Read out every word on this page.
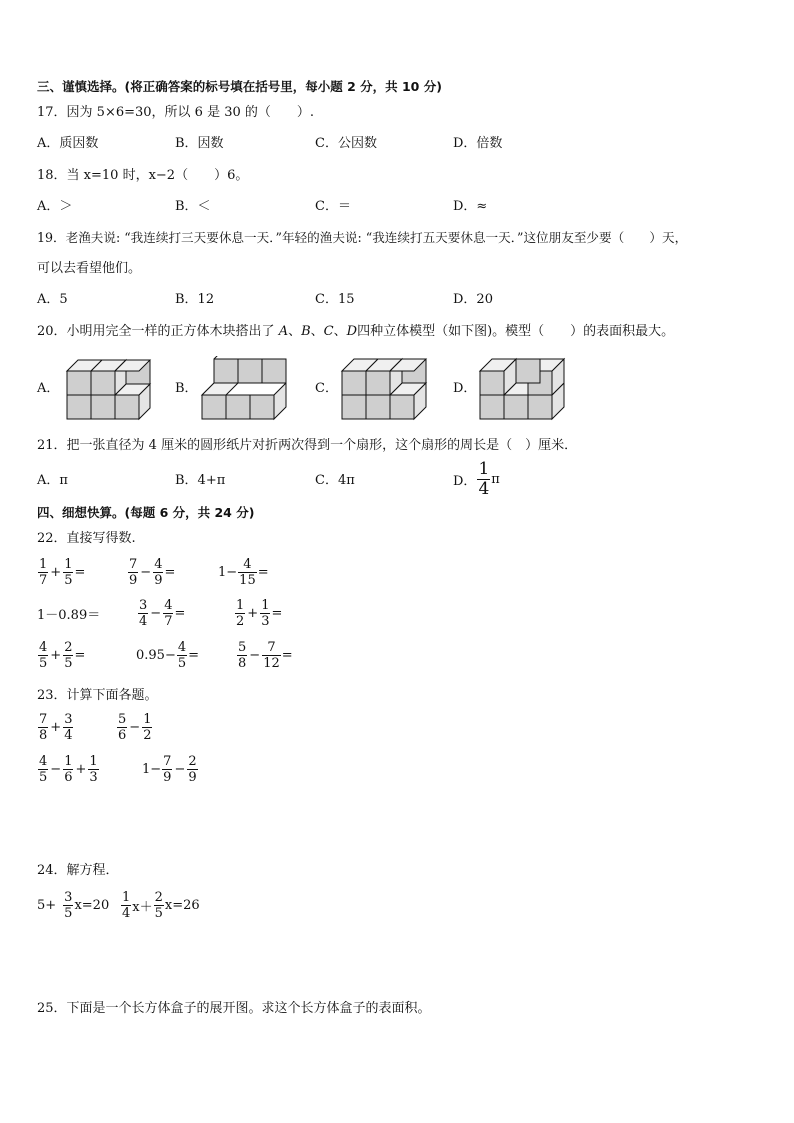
三、谨慎选择。(将正确答案的标号填在括号里，每小题 2 分，共 10 分)
17．因为 5×6=30，所以 6 是 30 的（　　）.
A．质因数	B．因数	C．公因数	D．倍数
18．当 x=10 时，x−2（　　）6。
A．＞	B．＜	C．＝	D．≈
19．老渔夫说: “我连续打三天要休息一天．”年轻的渔夫说: “我连续打五天要休息一天．”这位朋友至少要（　　）天，
可以去看望他们。
A．5	B．12	C．15	D．20
20．小明用完全一样的正方体木块搭出了 A、B、C、D四种立体模型（如下图)。模型（　　）的表面积最大。
A．	B．	C．	D．
21．把一张直径为 4 厘米的圆形纸片对折两次得到一个扇形，这个扇形的周长是（　）厘米．
A．π	B．4+π	C．4π	D． $\frac{1}{4}$ π
四、细想快算。(每题 6 分，共 24 分)
22．直接写得数.
$\frac{1}{7} + \frac{1}{5}$ =	$\frac{7}{9} - \frac{4}{9}$ =	$1- \frac{4}{15}$ =
1－0.89＝	$\frac{3}{4} - \frac{4}{7}$ =	$\frac{1}{2} + \frac{1}{3}$ =
$\frac{4}{5} + \frac{2}{5}$ =	$0.95- \frac{4}{5}$ =	$\frac{5}{8} - \frac{7}{12}$ =
23．计算下面各题。
$\frac{7}{8} + \frac{3}{4}$	$\frac{5}{6} - \frac{1}{2}$
$\frac{4}{5} - \frac{1}{6} + \frac{1}{3}$	$1- \frac{7}{9} - \frac{2}{9}$
24．解方程．
$5+ \frac{3}{5} x=20 \frac{1}{4} x+ \frac{2}{5} x=26$
25．下面是一个长方体盒子的展开图。求这个长方体盒子的表面积。
